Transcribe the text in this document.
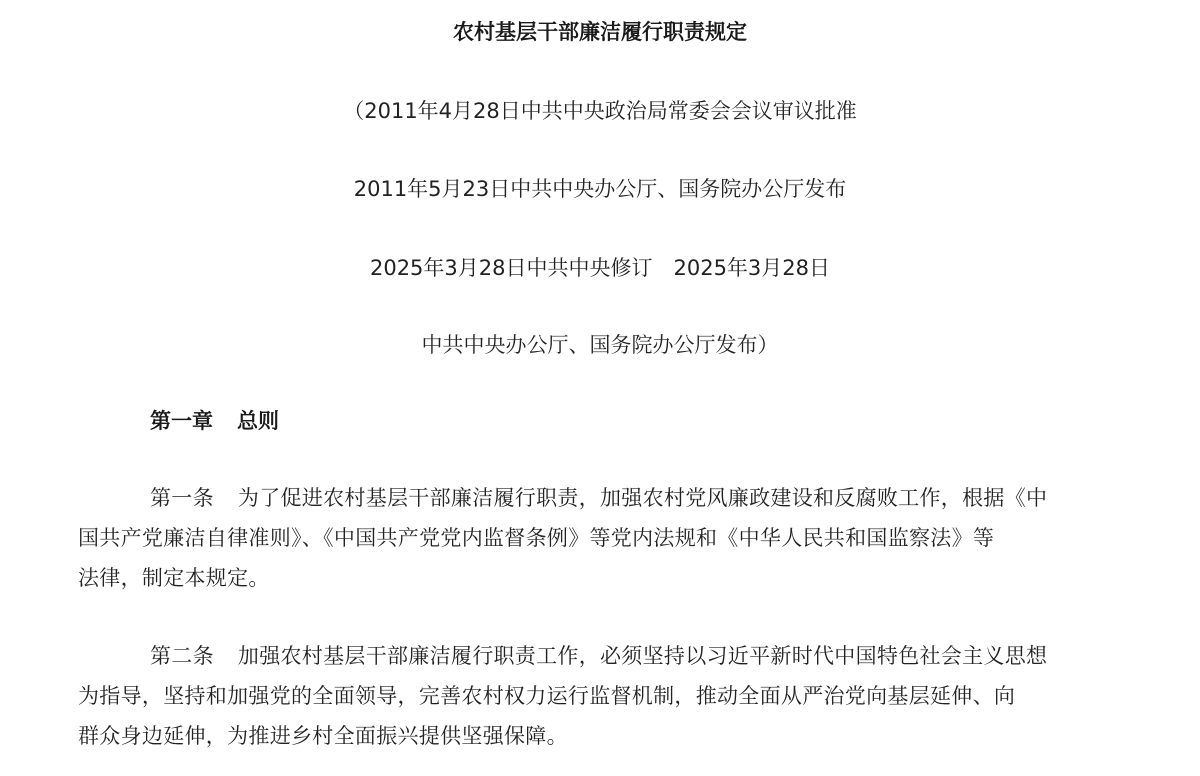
农村基层干部廉洁履行职责规定
（2011年4月28日中共中央政治局常委会会议审议批准
2011年5月23日中共中央办公厅、国务院办公厅发布
2025年3月28日中共中央修订　2025年3月28日
中共中央办公厅、国务院办公厅发布）
第一章 总则
第一条 为了促进农村基层干部廉洁履行职责，加强农村党风廉政建设和反腐败工作，根据《中
国共产党廉洁自律准则》、《中国共产党党内监督条例》等党内法规和《中华人民共和国监察法》等
法律，制定本规定。
第二条 加强农村基层干部廉洁履行职责工作，必须坚持以习近平新时代中国特色社会主义思想
为指导，坚持和加强党的全面领导，完善农村权力运行监督机制，推动全面从严治党向基层延伸、向
群众身边延伸，为推进乡村全面振兴提供坚强保障。
